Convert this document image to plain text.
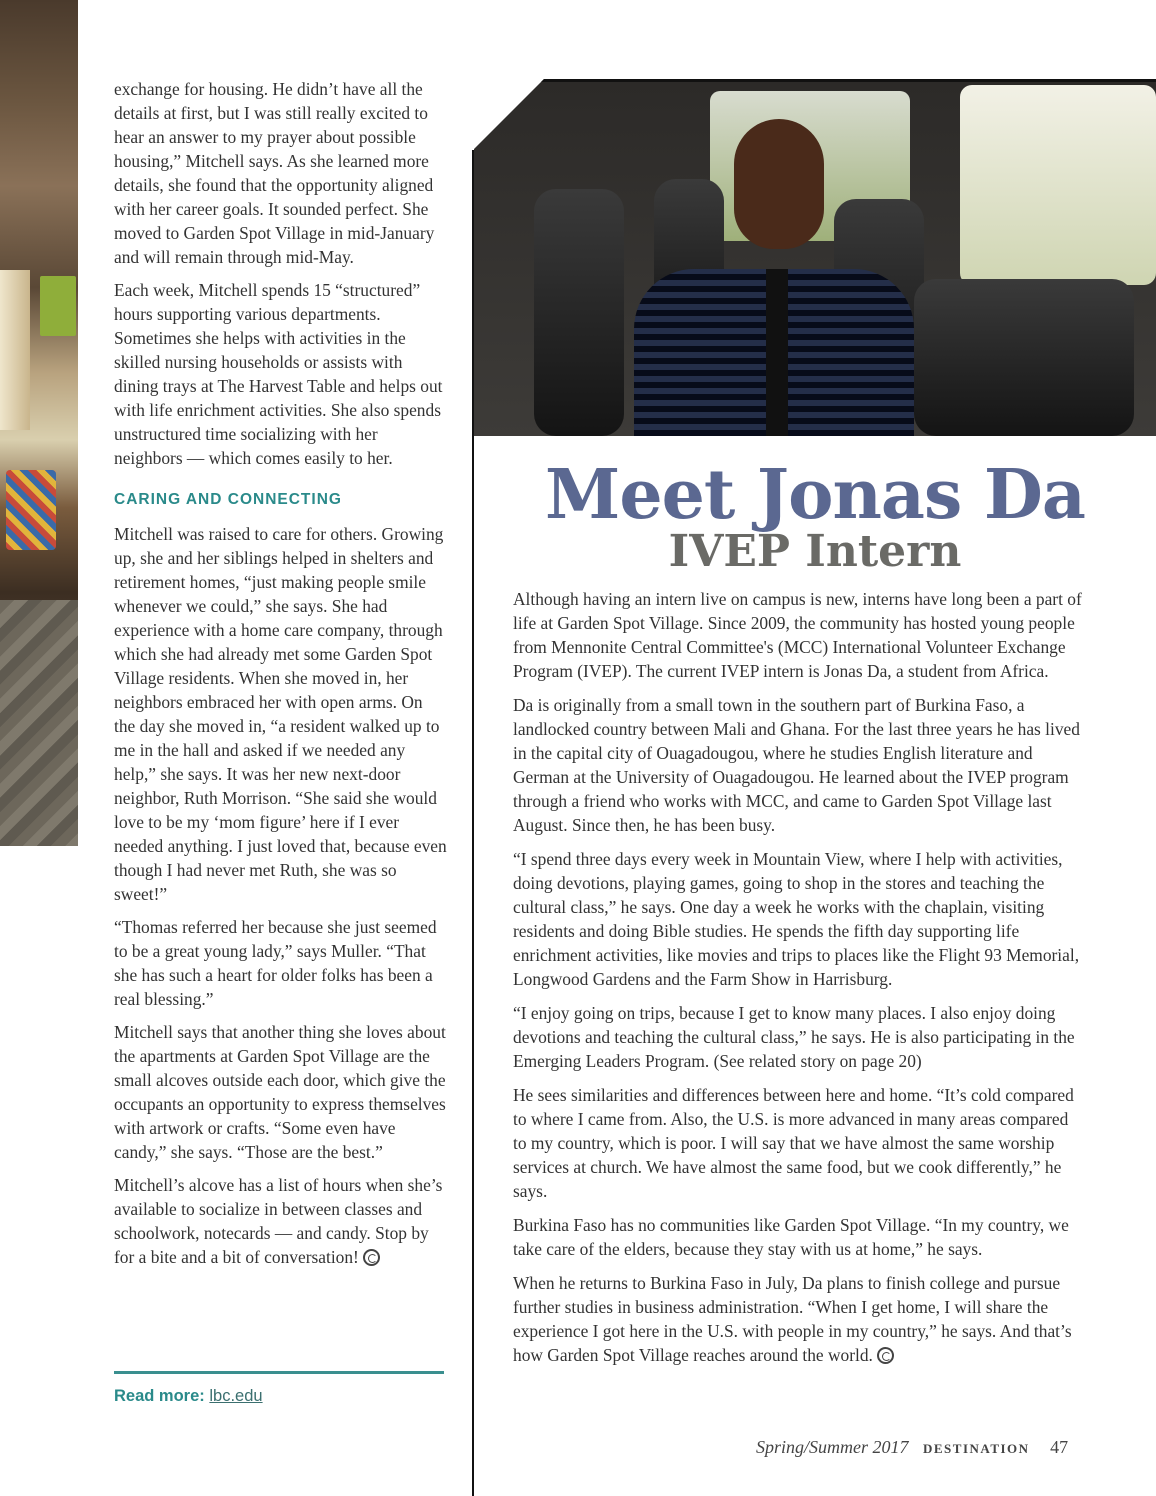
exchange for housing. He didn’t have all the details at first, but I was still really excited to hear an answer to my prayer about possible housing,” Mitchell says. As she learned more details, she found that the opportunity aligned with her career goals. It sounded perfect. She moved to Garden Spot Village in mid-January and will remain through mid-May.

Each week, Mitchell spends 15 “structured” hours supporting various departments. Sometimes she helps with activities in the skilled nursing households or assists with dining trays at The Harvest Table and helps out with life enrichment activities. She also spends unstructured time socializing with her neighbors — which comes easily to her.

CARING AND CONNECTING

Mitchell was raised to care for others. Growing up, she and her siblings helped in shelters and retirement homes, “just making people smile whenever we could,” she says. She had experience with a home care company, through which she had already met some Garden Spot Village residents. When she moved in, her neighbors embraced her with open arms. On the day she moved in, “a resident walked up to me in the hall and asked if we needed any help,” she says. It was her new next-door neighbor, Ruth Morrison. “She said she would love to be my ‘mom figure’ here if I ever needed anything. I just loved that, because even though I had never met Ruth, she was so sweet!”

“Thomas referred her because she just seemed to be a great young lady,” says Muller. “That she has such a heart for older folks has been a real blessing.”

Mitchell says that another thing she loves about the apartments at Garden Spot Village are the small alcoves outside each door, which give the occupants an opportunity to express themselves with artwork or crafts. “Some even have candy,” she says. “Those are the best.”

Mitchell’s alcove has a list of hours when she’s available to socialize in between classes and schoolwork, notecards — and candy. Stop by for a bite and a bit of conversation!

Read more: lbc.edu
Meet Jonas Da
IVEP Intern

Although having an intern live on campus is new, interns have long been a part of life at Garden Spot Village. Since 2009, the community has hosted young people from Mennonite Central Committee's (MCC) International Volunteer Exchange Program (IVEP). The current IVEP intern is Jonas Da, a student from Africa.

Da is originally from a small town in the southern part of Burkina Faso, a landlocked country between Mali and Ghana. For the last three years he has lived in the capital city of Ouagadougou, where he studies English literature and German at the University of Ouagadougou. He learned about the IVEP program through a friend who works with MCC, and came to Garden Spot Village last August. Since then, he has been busy.

“I spend three days every week in Mountain View, where I help with activities, doing devotions, playing games, going to shop in the stores and teaching the cultural class,” he says. One day a week he works with the chaplain, visiting residents and doing Bible studies. He spends the fifth day supporting life enrichment activities, like movies and trips to places like the Flight 93 Memorial, Longwood Gardens and the Farm Show in Harrisburg.

“I enjoy going on trips, because I get to know many places. I also enjoy doing devotions and teaching the cultural class,” he says. He is also participating in the Emerging Leaders Program. (See related story on page 20)

He sees similarities and differences between here and home. “It’s cold compared to where I came from. Also, the U.S. is more advanced in many areas compared to my country, which is poor. I will say that we have almost the same worship services at church. We have almost the same food, but we cook differently,” he says.

Burkina Faso has no communities like Garden Spot Village. “In my country, we take care of the elders, because they stay with us at home,” he says.

When he returns to Burkina Faso in July, Da plans to finish college and pursue further studies in business administration. “When I get home, I will share the experience I got here in the U.S. with people in my country,” he says. And that’s how Garden Spot Village reaches around the world.

Spring/Summer 2017 DESTINATION 47
